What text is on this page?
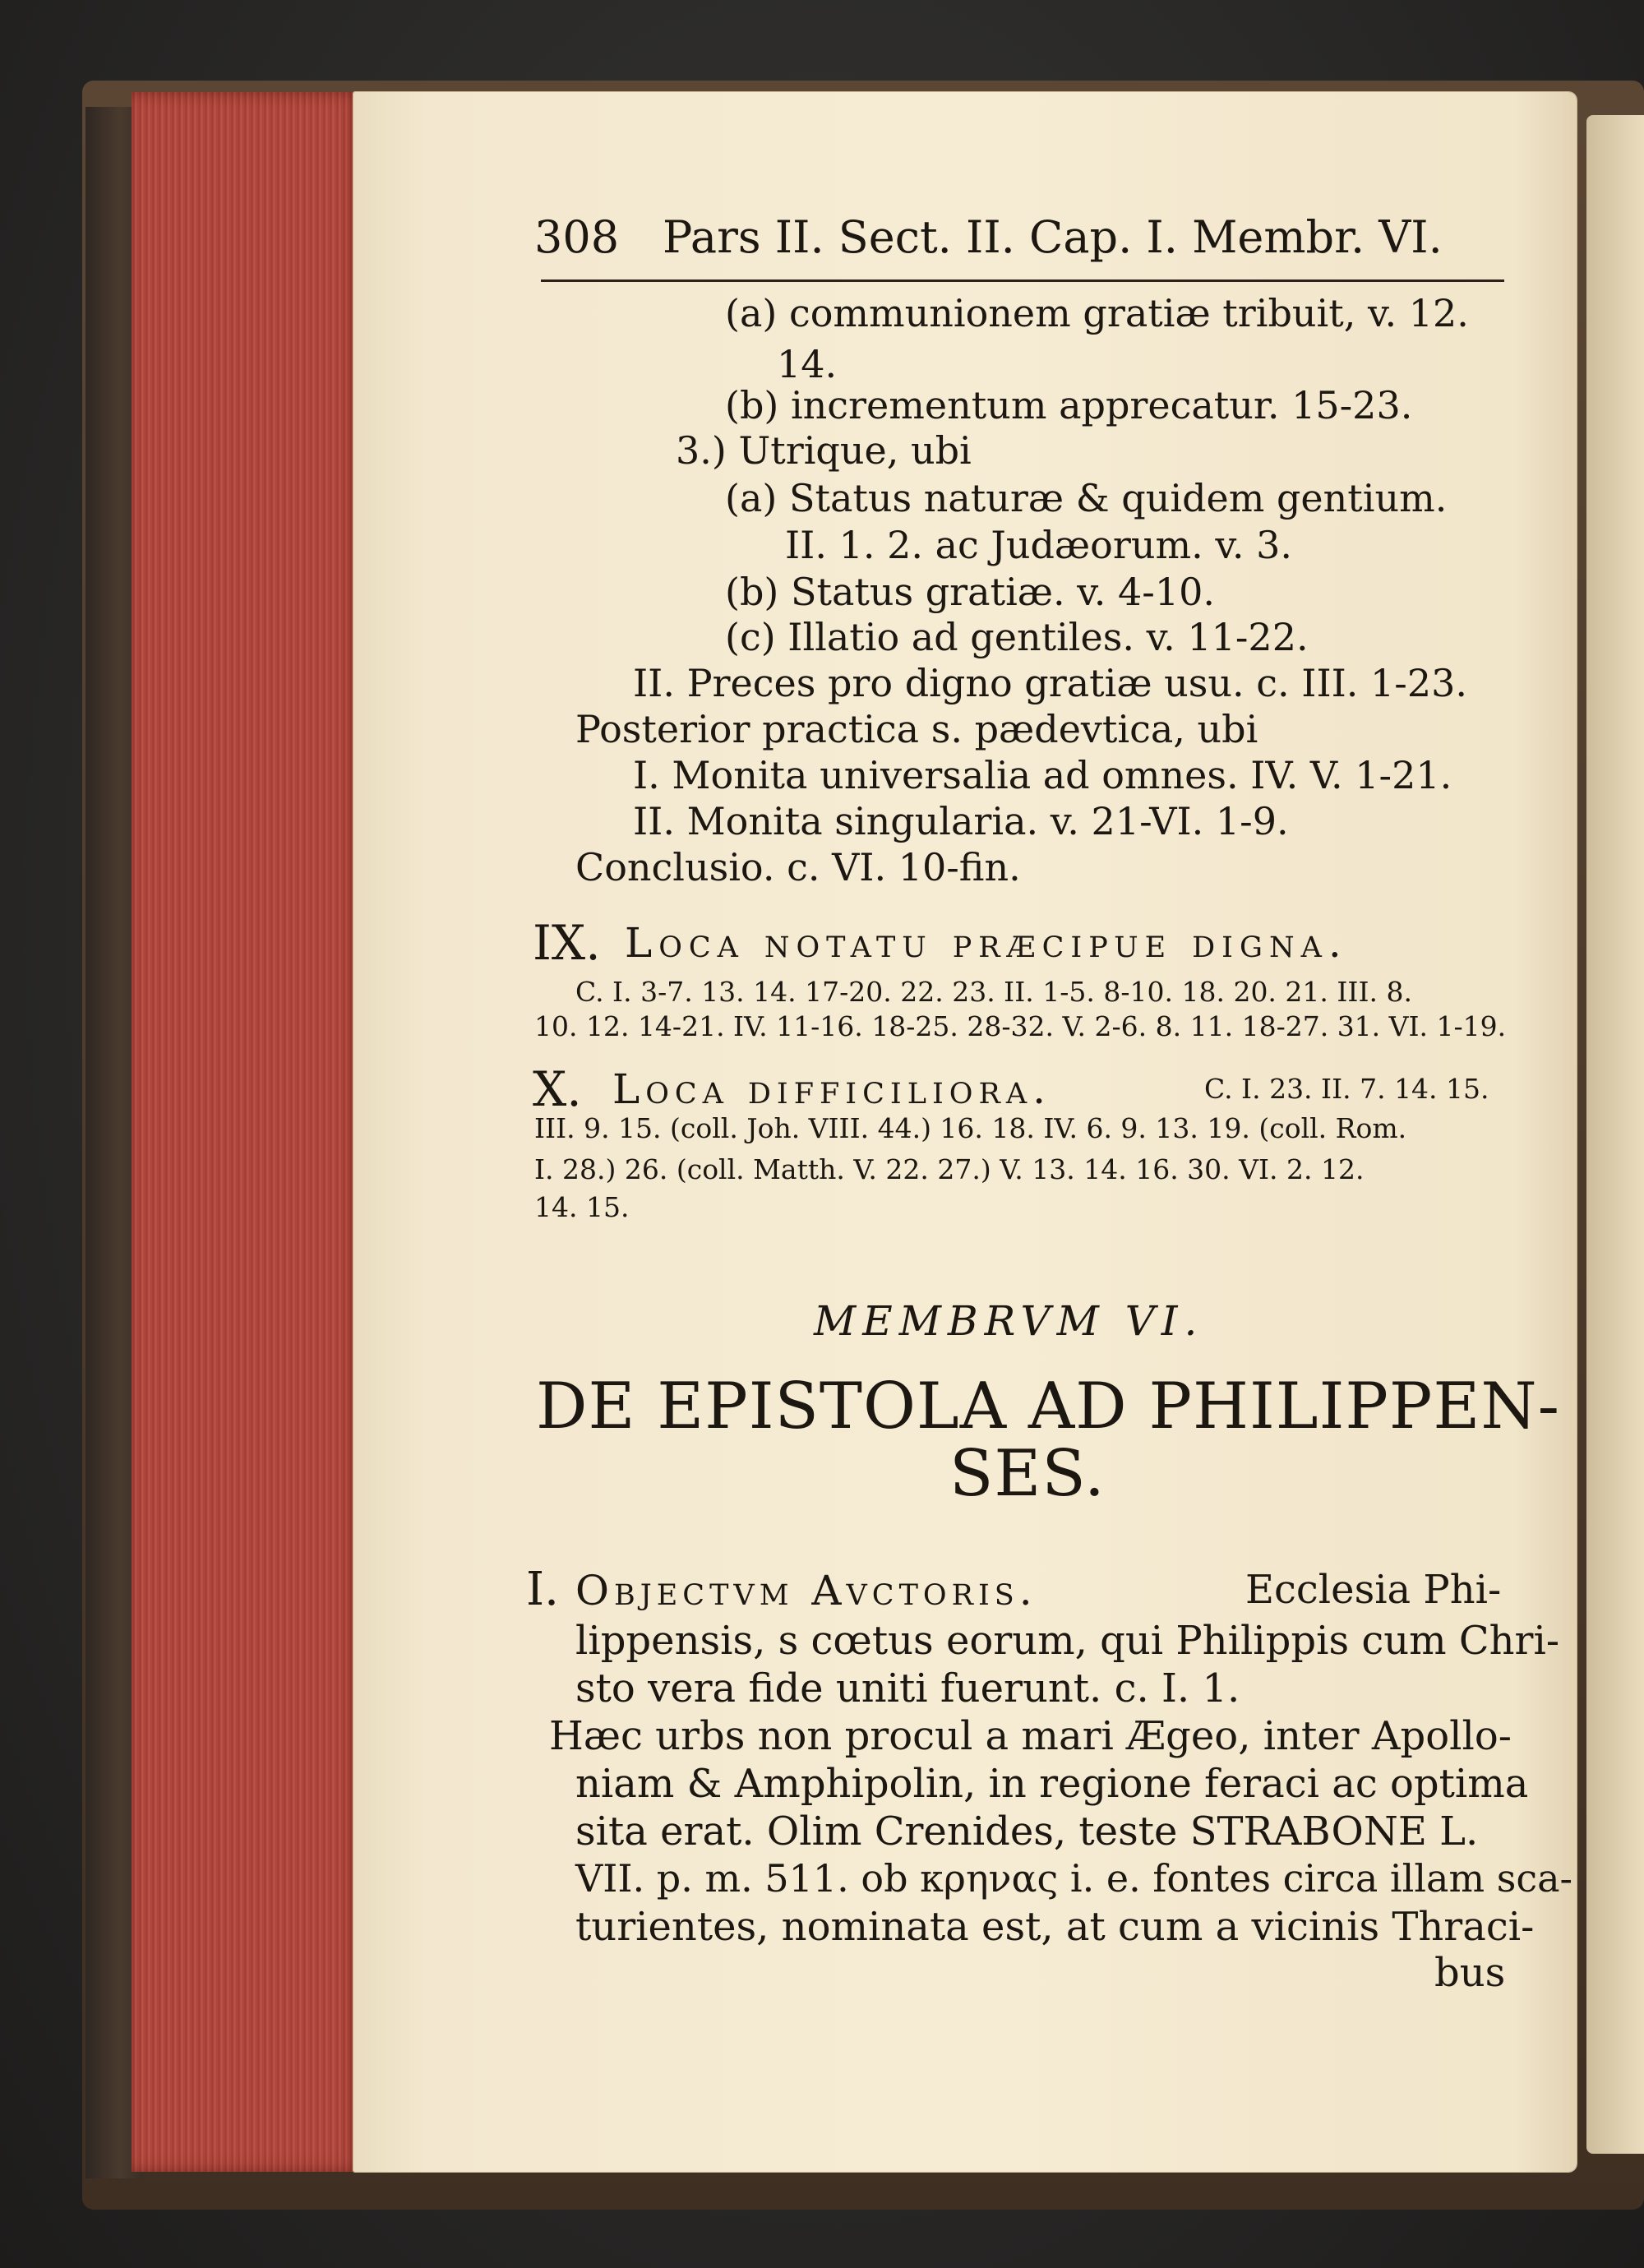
308 Pars II. Sect. II. Cap. I. Membr. VI.
(a) communionem gratiæ tribuit, v. 12.
14.
(b) incrementum apprecatur. 15-23.
3.) Utrique, ubi
(a) Status naturæ & quidem gentium.
II. 1. 2. ac Judæorum. v. 3.
(b) Status gratiæ. v. 4-10.
(c) Illatio ad gentiles. v. 11-22.
II. Preces pro digno gratiæ usu. c. III. 1-23.
Posterior practica s. pædevtica, ubi
I. Monita universalia ad omnes. IV. V. 1-21.
II. Monita singularia. v. 21-VI. 1-9.
Conclusio. c. VI. 10-fin.
IX. Loca notatu præcipue digna.
C. I. 3-7. 13. 14. 17-20. 22. 23. II. 1-5. 8-10. 18. 20. 21. III. 8.
10. 12. 14-21. IV. 11-16. 18-25. 28-32. V. 2-6. 8. 11. 18-27. 31. VI. 1-19.
X. Loca difficiliora.	C. I. 23. II. 7. 14. 15.
III. 9. 15. (coll. Joh. VIII. 44.) 16. 18. IV. 6. 9. 13. 19. (coll. Rom.
I. 28.) 26. (coll. Matth. V. 22. 27.) V. 13. 14. 16. 30. VI. 2. 12.
14. 15.
MEMBRVM VI.
DE EPISTOLA AD PHILIPPEN-
SES.
I. Objectvm Avctoris.	Ecclesia Phi-
lippensis, s cœtus eorum, qui Philippis cum Chri-
sto vera fide uniti fuerunt. c. I. 1.
Hæc urbs non procul a mari Ægeo, inter Apollo-
niam & Amphipolin, in regione feraci ac optima
sita erat. Olim Crenides, teste STRABONE L.
VII. p. m. 511. ob κρηνας i. e. fontes circa illam sca-
turientes, nominata est, at cum a vicinis Thraci-
bus
